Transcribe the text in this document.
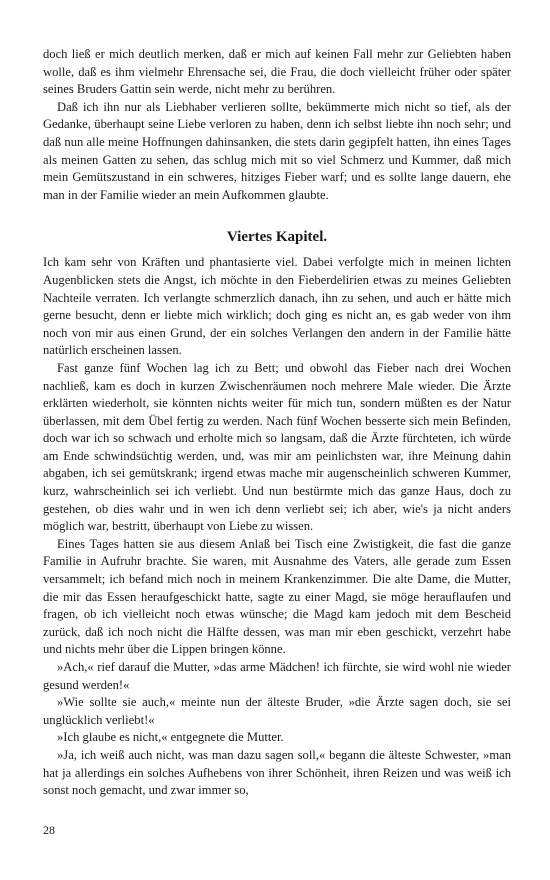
doch ließ er mich deutlich merken, daß er mich auf keinen Fall mehr zur Geliebten haben wolle, daß es ihm vielmehr Ehrensache sei, die Frau, die doch vielleicht früher oder später seines Bruders Gattin sein werde, nicht mehr zu berühren.

Daß ich ihn nur als Liebhaber verlieren sollte, bekümmerte mich nicht so tief, als der Gedanke, überhaupt seine Liebe verloren zu haben, denn ich selbst liebte ihn noch sehr; und daß nun alle meine Hoffnungen dahinsanken, die stets darin gegipfelt hatten, ihn eines Tages als meinen Gatten zu sehen, das schlug mich mit so viel Schmerz und Kummer, daß mich mein Gemütszustand in ein schweres, hitziges Fieber warf; und es sollte lange dauern, ehe man in der Familie wieder an mein Aufkommen glaubte.

Viertes Kapitel.

Ich kam sehr von Kräften und phantasierte viel. Dabei verfolgte mich in meinen lichten Augenblicken stets die Angst, ich möchte in den Fieberdelirien etwas zu meines Geliebten Nachteile verraten. Ich verlangte schmerzlich danach, ihn zu sehen, und auch er hätte mich gerne besucht, denn er liebte mich wirklich; doch ging es nicht an, es gab weder von ihm noch von mir aus einen Grund, der ein solches Verlangen den andern in der Familie hätte natürlich erscheinen lassen.

Fast ganze fünf Wochen lag ich zu Bett; und obwohl das Fieber nach drei Wochen nachließ, kam es doch in kurzen Zwischenräumen noch mehrere Male wieder. Die Ärzte erklärten wiederholt, sie könnten nichts weiter für mich tun, sondern müßten es der Natur überlassen, mit dem Übel fertig zu werden. Nach fünf Wochen besserte sich mein Befinden, doch war ich so schwach und erholte mich so langsam, daß die Ärzte fürchteten, ich würde am Ende schwindsüchtig werden, und, was mir am peinlichsten war, ihre Meinung dahin abgaben, ich sei gemütskrank; irgend etwas mache mir augenscheinlich schweren Kummer, kurz, wahrscheinlich sei ich verliebt. Und nun bestürmte mich das ganze Haus, doch zu gestehen, ob dies wahr und in wen ich denn verliebt sei; ich aber, wie's ja nicht anders möglich war, bestritt, überhaupt von Liebe zu wissen.

Eines Tages hatten sie aus diesem Anlaß bei Tisch eine Zwistigkeit, die fast die ganze Familie in Aufruhr brachte. Sie waren, mit Ausnahme des Vaters, alle gerade zum Essen versammelt; ich befand mich noch in meinem Krankenzimmer. Die alte Dame, die Mutter, die mir das Essen heraufgeschickt hatte, sagte zu einer Magd, sie möge herauflaufen und fragen, ob ich vielleicht noch etwas wünsche; die Magd kam jedoch mit dem Bescheid zurück, daß ich noch nicht die Hälfte dessen, was man mir eben geschickt, verzehrt habe und nichts mehr über die Lippen bringen könne.

»Ach,« rief darauf die Mutter, »das arme Mädchen! ich fürchte, sie wird wohl nie wieder gesund werden!«

»Wie sollte sie auch,« meinte nun der älteste Bruder, »die Ärzte sagen doch, sie sei unglücklich verliebt!«

»Ich glaube es nicht,« entgegnete die Mutter.

»Ja, ich weiß auch nicht, was man dazu sagen soll,« begann die älteste Schwester, »man hat ja allerdings ein solches Aufhebens von ihrer Schönheit, ihren Reizen und was weiß ich sonst noch gemacht, und zwar immer so,

28
